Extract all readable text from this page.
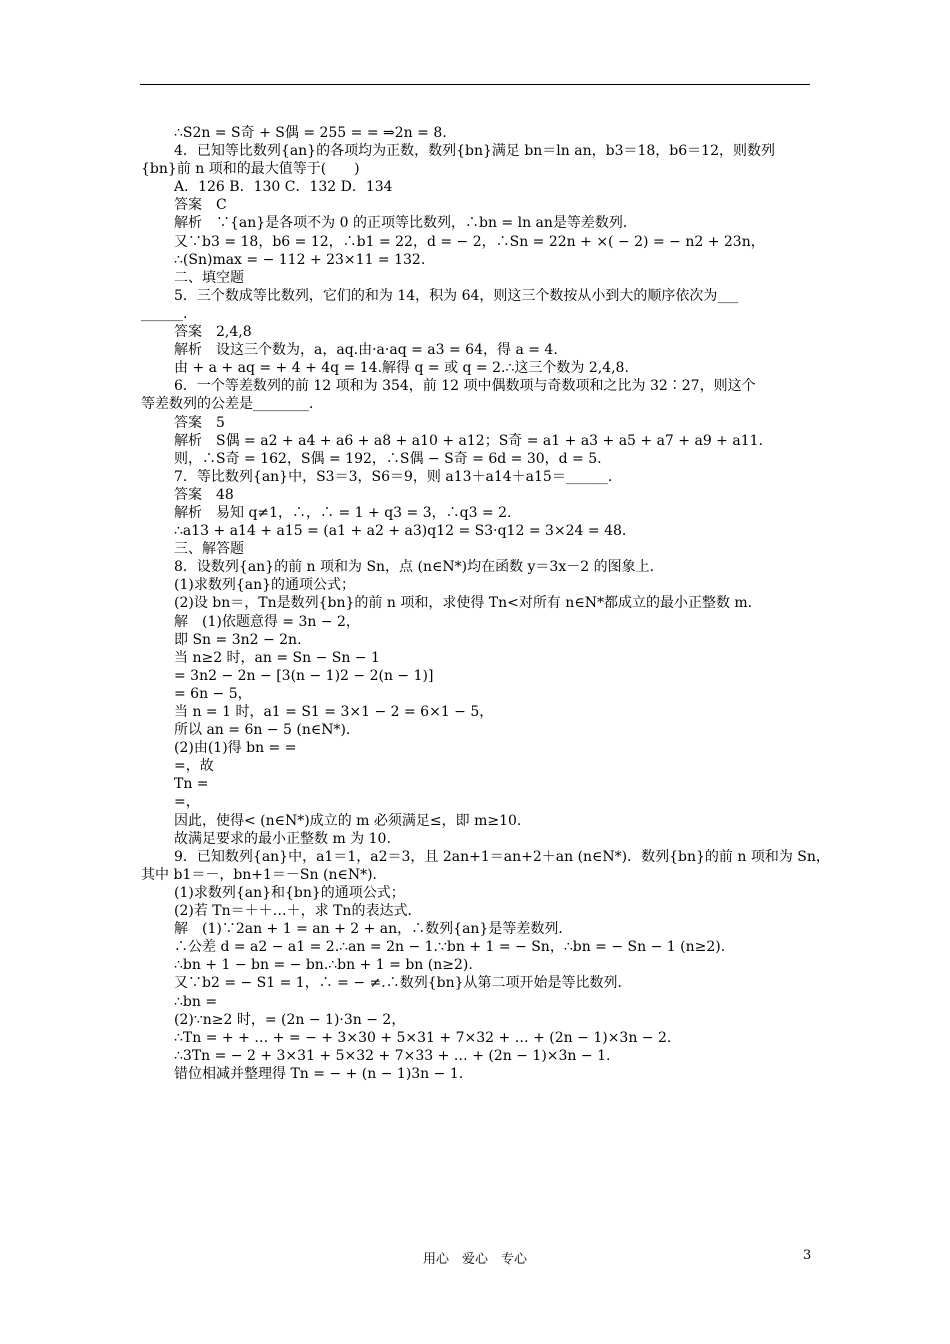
∴S2n = S奇 + S偶 = 255 = = ⇒2n = 8.
4．已知等比数列{an}的各项均为正数，数列{bn}满足 bn＝ln an，b3＝18，b6＝12，则数列
{bn}前 n 项和的最大值等于(　　)
A．126 B．130 C．132 D．134
答案　C
解析　∵{an}是各项不为 0 的正项等比数列，∴bn = ln an是等差数列．
又∵b3 = 18，b6 = 12，∴b1 = 22，d = − 2，∴Sn = 22n + ×( − 2) = − n2 + 23n，
∴(Sn)max = − 112 + 23×11 = 132.
二、填空题
5．三个数成等比数列，它们的和为 14，积为 64，则这三个数按从小到大的顺序依次为___
______.
答案　2,4,8
解析　设这三个数为，a，aq.由·a·aq = a3 = 64，得 a = 4.
由 + a + aq = + 4 + 4q = 14.解得 q = 或 q = 2.∴这三个数为 2,4,8.
6．一个等差数列的前 12 项和为 354，前 12 项中偶数项与奇数项和之比为 32∶27，则这个
等差数列的公差是________．
答案　5
解析　S偶 = a2 + a4 + a6 + a8 + a10 + a12；S奇 = a1 + a3 + a5 + a7 + a9 + a11.
则，∴S奇 = 162，S偶 = 192，∴S偶 − S奇 = 6d = 30，d = 5.
7．等比数列{an}中，S3＝3，S6＝9，则 a13＋a14＋a15＝______.
答案　48
解析　易知 q≠1，∴，∴ = 1 + q3 = 3，∴q3 = 2.
∴a13 + a14 + a15 = (a1 + a2 + a3)q12 = S3·q12 = 3×24 = 48.
三、解答题
8．设数列{an}的前 n 项和为 Sn，点 (n∈N*)均在函数 y＝3x－2 的图象上．
(1)求数列{an}的通项公式；
(2)设 bn＝，Tn是数列{bn}的前 n 项和，求使得 Tn<对所有 n∈N*都成立的最小正整数 m.
解　(1)依题意得 = 3n − 2，
即 Sn = 3n2 − 2n.
当 n≥2 时，an = Sn − Sn − 1
= 3n2 − 2n − [3(n − 1)2 − 2(n − 1)]
= 6n − 5，
当 n = 1 时，a1 = S1 = 3×1 − 2 = 6×1 − 5，
所以 an = 6n − 5 (n∈N*).
(2)由(1)得 bn = =
=，故
Tn =
=，
因此，使得< (n∈N*)成立的 m 必须满足≤，即 m≥10.
故满足要求的最小正整数 m 为 10.
9．已知数列{an}中，a1＝1，a2＝3，且 2an+1＝an+2＋an (n∈N*)．数列{bn}的前 n 项和为 Sn，
其中 b1＝－，bn+1＝－Sn (n∈N*)．
(1)求数列{an}和{bn}的通项公式；
(2)若 Tn＝＋＋…＋，求 Tn的表达式．
解　(1)∵2an + 1 = an + 2 + an，∴数列{an}是等差数列．
∴公差 d = a2 − a1 = 2.∴an = 2n − 1.∵bn + 1 = − Sn，∴bn = − Sn − 1 (n≥2).
∴bn + 1 − bn = − bn.∴bn + 1 = bn (n≥2).
又∵b2 = − S1 = 1，∴ = − ≠.∴数列{bn}从第二项开始是等比数列．
∴bn =
(2)∵n≥2 时，= (2n − 1)·3n − 2，
∴Tn = + + … + = − + 3×30 + 5×31 + 7×32 + … + (2n − 1)×3n − 2.
∴3Tn = − 2 + 3×31 + 5×32 + 7×33 + … + (2n − 1)×3n − 1.
错位相减并整理得 Tn = − + (n − 1)3n − 1.
用心　爱心　专心	3
